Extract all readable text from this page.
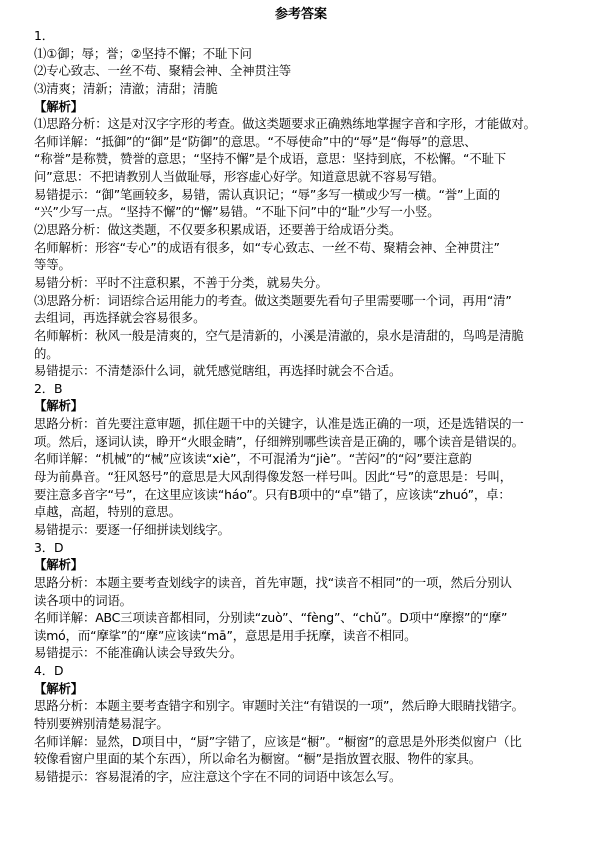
参考答案
1．
⑴①御；辱；誉；②坚持不懈；不耻下问
⑵专心致志、一丝不苟、聚精会神、全神贯注等
⑶清爽；清新；清澈；清甜；清脆
【解析】
⑴思路分析：这是对汉字字形的考查。做这类题要求正确熟练地掌握字音和字形，才能做对。
名师详解：“抵御”的“御”是“防御”的意思。“不辱使命”中的“辱”是“侮辱”的意思、
“称誉”是称赞，赞誉的意思；“坚持不懈”是个成语，意思：坚持到底，不松懈。“不耻下
问”意思：不把请教别人当做耻辱，形容虚心好学。知道意思就不容易写错。
易错提示：“御”笔画较多，易错，需认真识记；“辱”多写一横或少写一横。“誉”上面的
“兴”少写一点。“坚持不懈”的“懈”易错。“不耻下问”中的“耻”少写一小竖。
⑵思路分析：做这类题，不仅要多积累成语，还要善于给成语分类。
名师解析：形容“专心”的成语有很多，如“专心致志、一丝不苟、聚精会神、全神贯注”
等等。
易错分析：平时不注意积累，不善于分类，就易失分。
⑶思路分析：词语综合运用能力的考查。做这类题要先看句子里需要哪一个词，再用“清”
去组词，再选择就会容易很多。
名师解析：秋风一般是清爽的，空气是清新的，小溪是清澈的，泉水是清甜的，鸟鸣是清脆
的。
易错提示：不清楚添什么词，就凭感觉瞎组，再选择时就会不合适。
2．B
【解析】
思路分析：首先要注意审题，抓住题干中的关键字，认准是选正确的一项，还是选错误的一
项。然后，逐词认读，睁开“火眼金睛”，仔细辨别哪些读音是正确的，哪个读音是错误的。
名师详解：“机械”的“械”应该读“xiè”，不可混淆为“jiè”。“苦闷”的“闷”要注意韵
母为前鼻音。“狂风怒号”的意思是大风刮得像发怒一样号叫。因此“号”的意思是：号叫，
要注意多音字“号”，在这里应该读“háo”。只有B项中的“卓”错了，应该读“zhuó”，卓：
卓越，高超，特别的意思。
易错提示：要逐一仔细拼读划线字。
3．D
【解析】
思路分析：本题主要考查划线字的读音，首先审题，找“读音不相同”的一项，然后分别认
读各项中的词语。
名师详解：ABC三项读音都相同，分别读“zuò”、“fèng”、“chǔ”。D项中“摩擦”的“摩”
读mó，而“摩挲”的“摩”应该读“mā”，意思是用手抚摩，读音不相同。
易错提示：不能准确认读会导致失分。
4．D
【解析】
思路分析：本题主要考查错字和别字。审题时关注“有错误的一项”，然后睁大眼睛找错字。
特别要辨别清楚易混字。
名师详解：显然，D项目中，“厨”字错了，应该是“橱”。“橱窗”的意思是外形类似窗户（比
较像看窗户里面的某个东西），所以命名为橱窗。“橱”是指放置衣服、物件的家具。
易错提示：容易混淆的字，应注意这个字在不同的词语中该怎么写。
